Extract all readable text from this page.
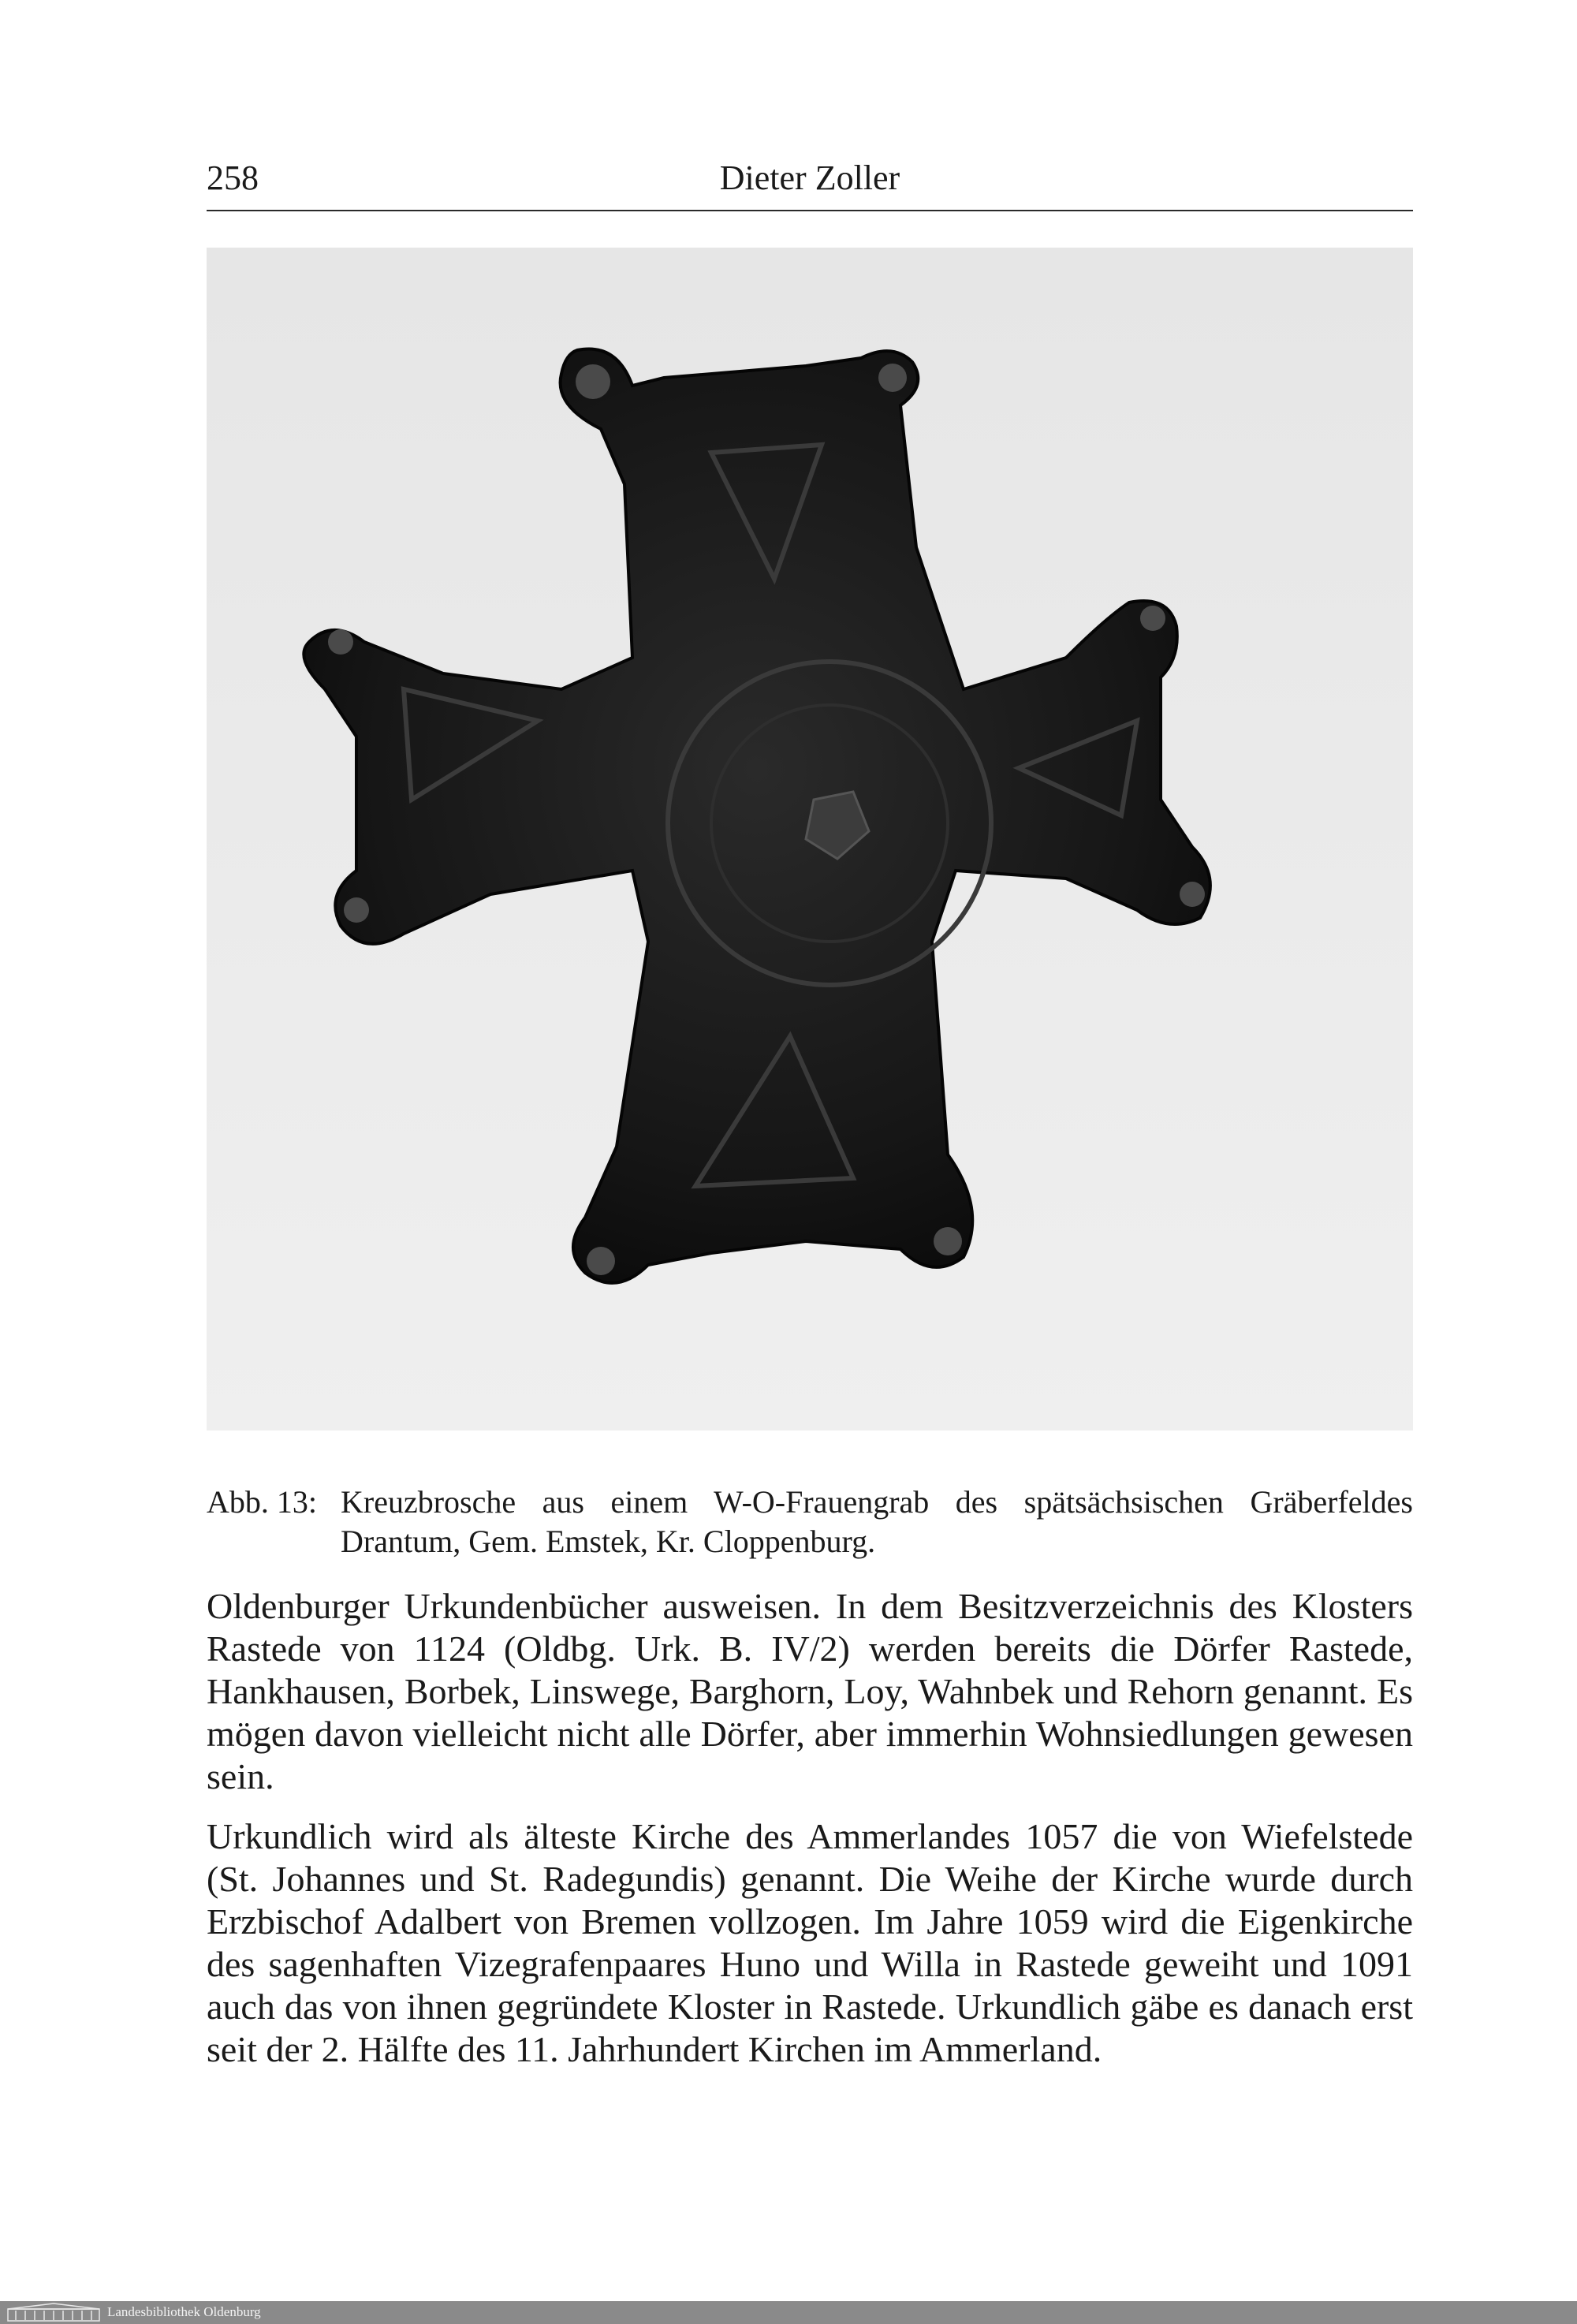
258	Dieter Zoller
Abb. 13: Kreuzbrosche aus einem W-O-Frauengrab des spätsächsischen Gräberfeldes Drantum, Gem. Emstek, Kr. Cloppenburg.

Oldenburger Urkundenbücher ausweisen. In dem Besitzverzeichnis des Klosters Rastede von 1124 (Oldbg. Urk. B. IV/2) werden bereits die Dörfer Rastede, Hankhausen, Borbek, Linswege, Barghorn, Loy, Wahnbek und Rehorn genannt. Es mögen davon vielleicht nicht alle Dörfer, aber immerhin Wohnsiedlungen gewesen sein.

Urkundlich wird als älteste Kirche des Ammerlandes 1057 die von Wiefelstede (St. Johannes und St. Radegundis) genannt. Die Weihe der Kirche wurde durch Erzbischof Adalbert von Bremen vollzogen. Im Jahre 1059 wird die Eigenkirche des sagenhaften Vizegrafenpaares Huno und Willa in Rastede geweiht und 1091 auch das von ihnen gegründete Kloster in Rastede. Urkundlich gäbe es danach erst seit der 2. Hälfte des 11. Jahrhundert Kirchen im Ammerland.

Landesbibliothek Oldenburg
